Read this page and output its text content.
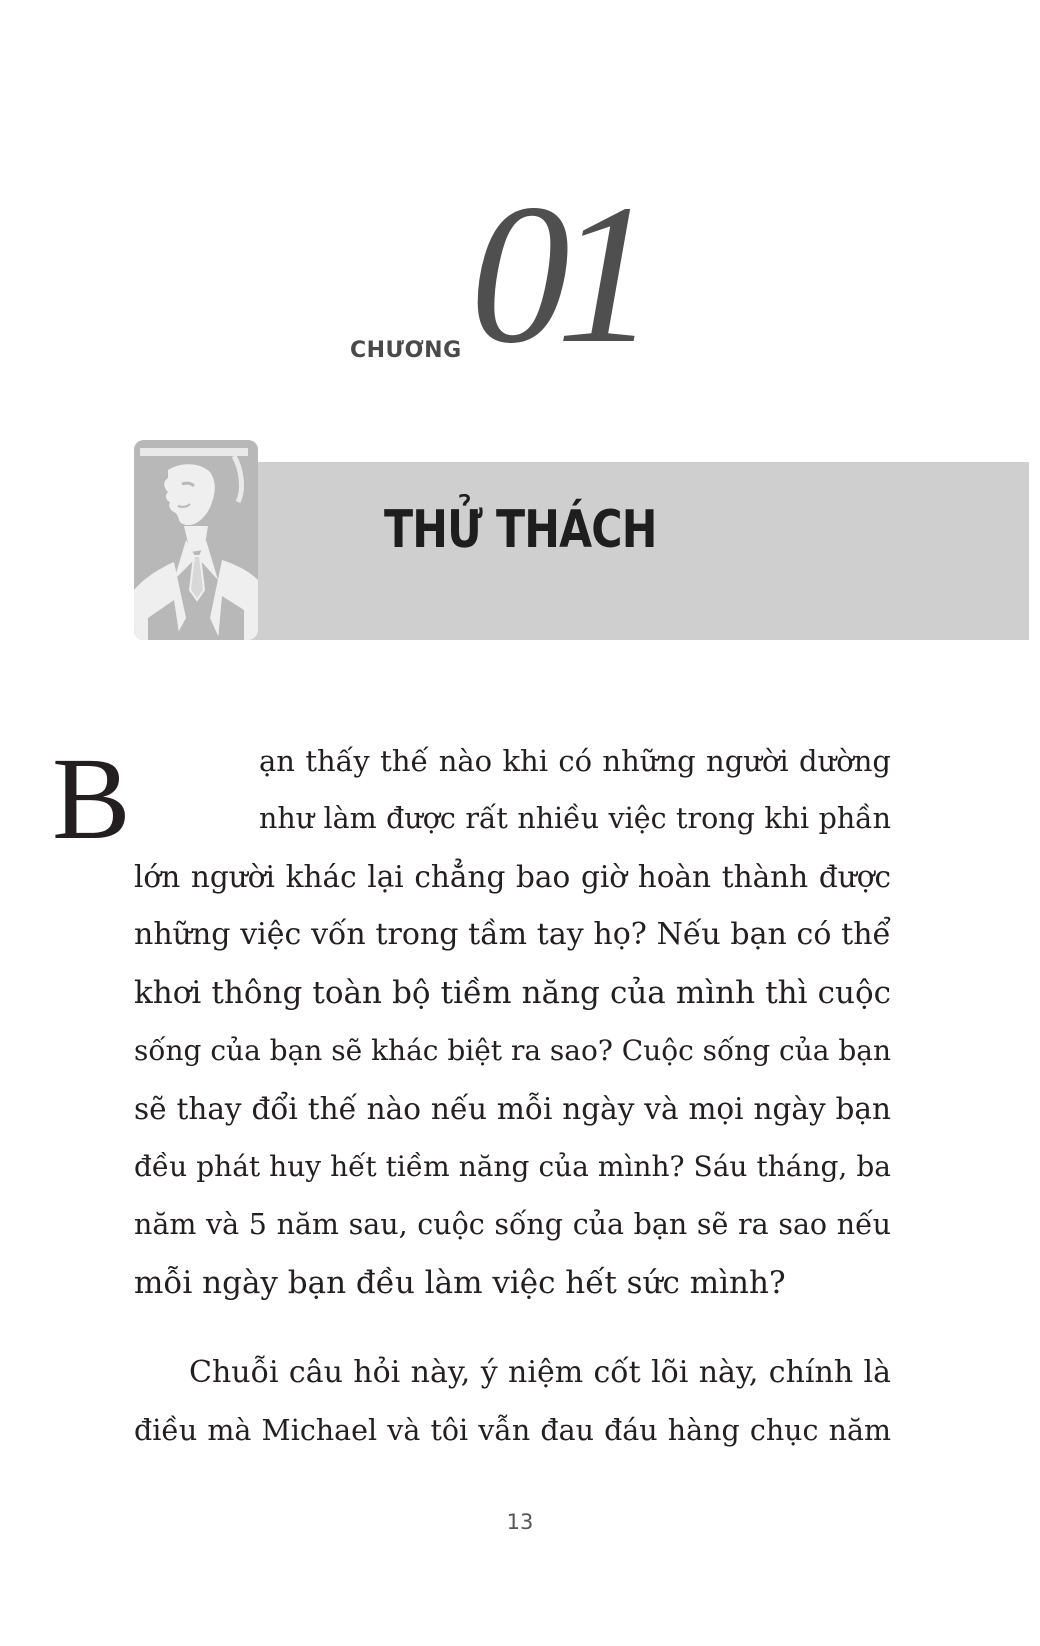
CHƯƠNG 01
THỬ THÁCH
B	ạn thấy thế nào khi có những người dường
như làm được rất nhiều việc trong khi phần
lớn người khác lại chẳng bao giờ hoàn thành được
những việc vốn trong tầm tay họ? Nếu bạn có thể
khơi thông toàn bộ tiềm năng của mình thì cuộc
sống của bạn sẽ khác biệt ra sao? Cuộc sống của bạn
sẽ thay đổi thế nào nếu mỗi ngày và mọi ngày bạn
đều phát huy hết tiềm năng của mình? Sáu tháng, ba
năm và 5 năm sau, cuộc sống của bạn sẽ ra sao nếu
mỗi ngày bạn đều làm việc hết sức mình?
Chuỗi câu hỏi này, ý niệm cốt lõi này, chính là
điều mà Michael và tôi vẫn đau đáu hàng chục năm
13
